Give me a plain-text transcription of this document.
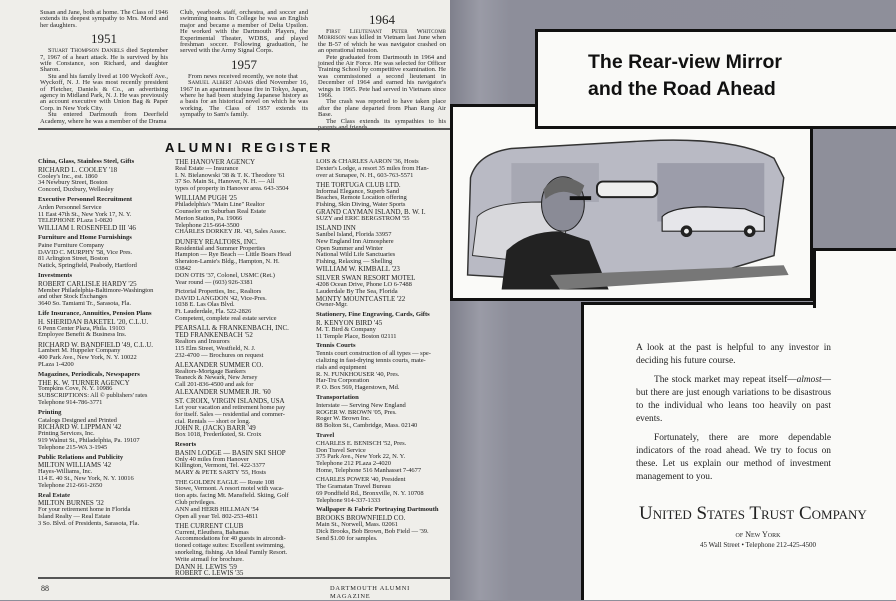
Susan and Jane, both at home. The Class of 1946 extends its deepest sympathy to Mrs. Mond and her daughters.

1951

Stuart Thompson Daniels died September 7, 1967 of a heart attack. He is survived by his wife Constance, son Richard, and daughter Sharon.

Stu and his family lived at 100 Wyckoff Ave., Wyckoff, N. J. He was most recently president of Fletcher, Daniels & Co., an advertising agency in Midland Park, N. J. He was previously an account executive with Union Bag & Paper Corp. in New York City.

Stu entered Dartmouth from Deerfield Academy, where he was a member of the Drama

Club, yearbook staff, orchestra, and soccer and swimming teams. In College he was an English major and became a member of Delta Upsilon. He worked with the Dartmouth Players, the Experimental Theater, WDBS, and played freshman soccer. Following graduation, he served with the Army Signal Corps.

1957

From news received recently, we note that

Samuel Albert Adams died November 16, 1967 in an apartment house fire in Tokyo, Japan, where he had been studying Japanese history as a basis for an historical novel on which he was working. The Class of 1957 extends its sympathy to Sam's family.

1964

First Lieutenant Peter Whitcomb Morrison was killed in Vietnam last June when the B-57 of which he was navigator crashed on an operational mission.

Pete graduated from Dartmouth in 1964 and joined the Air Force. He was selected for Officer Training School by competitive examination. He was commissioned a second lieutenant in December of 1964 and earned his navigator's wings in 1965. Pete had served in Vietnam since 1966.

The crash was reported to have taken place after the plane departed from Phan Rang Air Base.

The Class extends its sympathies to his

ALUMNI REGISTER
China, Glass, Stainless Steel, Gifts
RICHARD L. COOLEY '18
Cooley's Inc., est. 1860
34 Newbury Street, Boston
Concord, Duxbury, Wellesley
Executive Personnel Recruitment
Arden Personnel Service
11 East 47th St., New York 17, N. Y.
TELEPHONE PLaza 1-0820
WILLIAM I. ROSENFELD III '46
Furniture and Home Furnishings
Paine Furniture Company
DAVID C. MURPHY '58, Vice Pres.
81 Arlington Street, Boston
Natick, Springfield, Peabody, Hartford
Investments
ROBERT CARLISLE HARDY '25
Member Philadelphia-Baltimore-Washington
and other Stock Exchanges
3640 So. Tamiami Tr., Sarasota, Fla.
Life Insurance, Annuities, Pension Plans
H. SHERIDAN BAKETEL '20, C.L.U.
6 Penn Center Plaza, Phila. 19103
Employee Benefit & Business Ins.
RICHARD W. BANDFIELD '49, C.L.U.
Lambert M. Huppeler Company
400 Park Ave., New York, N. Y. 10022
PLaza 1-4200
Magazines, Periodicals, Newspapers
THE K. W. TURNER AGENCY
Tompkins Cove, N. Y. 10986
SUBSCRIPTIONS: All © publishers' rates
Telephone 914-786-3771
Printing
Catalogs Designed and Printed
RICHARD W. LIPPMAN '42
Printing Services, Inc.
919 Walnut St., Philadelphia, Pa. 19107
Telephone 215-WA 3-1945
Public Relations and Publicity
MILTON WILLIAMS '42
Hayes-Williams, Inc.
114 E. 40 St., New York, N. Y. 10016
Telephone 212-661-2650
Real Estate
MILTON BURNES '32
For your retirement home in Florida
Island Realty — Real Estate
3 So. Blvd. of Presidents, Sarasota, Fla.
THE HANOVER AGENCY
Real Estate — Insurance
I. N. Bielanowski '38 & T. K. Theodore '61
37 So. Main St., Hanover, N. H. — All
types of property in Hanover area. 643-3504
WILLIAM PUGH '25
Philadelphia's "Main Line" Realtor
Counselor on Suburban Real Estate
Merion Station, Pa. 19066
Telephone 215-664-3500
CHARLES DORKEY JR. '43, Sales Assoc.
DUNFEY REALTORS, INC.
Residential and Summer Properties
Hampton — Rye Beach — Little Boars Head
Sheraton-Lamie's Bldg., Hampton, N. H.
03842
DON OTIS '37, Colonel, USMC (Ret.)
Year round — (603) 926-3381
Pictorial Properties, Inc., Realtors
DAVID LANGDON '42, Vice-Pres.
1038 E. Las Olas Blvd.
Ft. Lauderdale, Fla. 522-2826
Competent, complete real estate service
PEARSALL & FRANKENBACH, INC.
TED FRANKENBACH '52
Realtors and Insurors
115 Elm Street, Westfield, N. J.
232-4700 — Brochures on request
ALEXANDER SUMMER CO.
Realtors-Mortgage Bankers
Teaneck & Newark, New Jersey
Call 201-836-4500 and ask for
ALEXANDER SUMMER JR. '60
ST. CROIX, VIRGIN ISLANDS, USA
Let your vacation and retirement home pay
for itself. Sales — residential and commer-
cial. Rentals — short or long.
JOHN R. (JACK) BARR '49
Box 1018, Frederiksted, St. Croix
Resorts
BASIN LODGE — BASIN SKI SHOP
Only 40 miles from Hanover
Killington, Vermont, Tel. 422-3377
MARY & PETE SARTY '55, Hosts
THE GOLDEN EAGLE — Route 108
Stowe, Vermont. A resort motel with vaca-
tion apts. facing Mt. Mansfield. Skiing, Golf
Club privileges.
ANN and HERB HILLMAN '54
Open all year Tel. 802-253-4811
THE CURRENT CLUB
Current, Eleuthera, Bahamas
Accommodations for 40 guests in aircondi-
tioned cottage suites: Excellent swimming,
snorkeling, fishing. An Ideal Family Resort.
Write airmail for brochure.
DANN H. LEWIS '59
ROBERT C. LEWIS '35
LOIS & CHARLES AARON '36, Hosts
Dexter's Lodge, a resort 35 miles from Han-
over at Sunapee, N. H., 603-763-5571
THE TORTUGA CLUB LTD.
Informal Elegance, Superb Sand
Beaches, Remote Location offering
Fishing, Skin Diving, Water Sports
GRAND CAYMAN ISLAND, B. W. I.
SUZY and ERIC BERGSTROM '55
ISLAND INN
Sanibel Island, Florida 33957
New England Inn Atmosphere
Open Summer and Winter
National Wild Life Sanctuaries
Fishing, Relaxing — Shelling
WILLIAM W. KIMBALL '23
SILVER SWAN RESORT MOTEL
4208 Ocean Drive, Phone LO 6-7488
Lauderdale By The Sea, Florida
MONTY MOUNTCASTLE '22
Owner-Mgr.
Stationery, Fine Engraving, Cards, Gifts
R. KENYON BIRD '45
M. T. Bird & Company
11 Temple Place, Boston 02111
Tennis Courts
Tennis court construction of all types — spe-
cializing in fast-drying tennis courts, mate-
rials and equipment
R. N. FUNKHOUSER '40, Pres.
Har-Tru Corporation
P. O. Box 569, Hagerstown, Md.
Transportation
Interstate — Serving New England
ROGER W. BROWN '05, Pres.
Roger W. Brown Inc.
88 Bolton St., Cambridge, Mass. 02140
Travel
CHARLES E. BENISCH '52, Pres.
Don Travel Service
375 Park Ave., New York 22, N. Y.
Telephone 212 PLaza 2-4020
Home, Telephone 516 Manhasset 7-4677
CHARLES POWER '40, President
The Gramatan Travel Bureau
69 Pondfield Rd., Bronxville, N. Y. 10708
Telephone 914-337-1333
Wallpaper & Fabric Portraying Dartmouth
BROOKS BROWNFIELD CO.
Main St., Norwell, Mass. 02061
Dick Brooks, Bob Brown, Bob Field — '39.
Send $1.00 for samples.
88	DARTMOUTH ALUMNI MAGAZINE
The Rear-view Mirror
and the Road Ahead

A look at the past is helpful to any investor in deciding his future course.

The stock market may repeat itself—almost—but there are just enough variations to be disastrous to the individual who leans too heavily on past events.

Fortunately, there are more dependable indicators of the road ahead. We try to focus on these. Let us explain our method of investment management to you.

United States Trust Company
of New York
45 Wall Street • Telephone 212-425-4500
